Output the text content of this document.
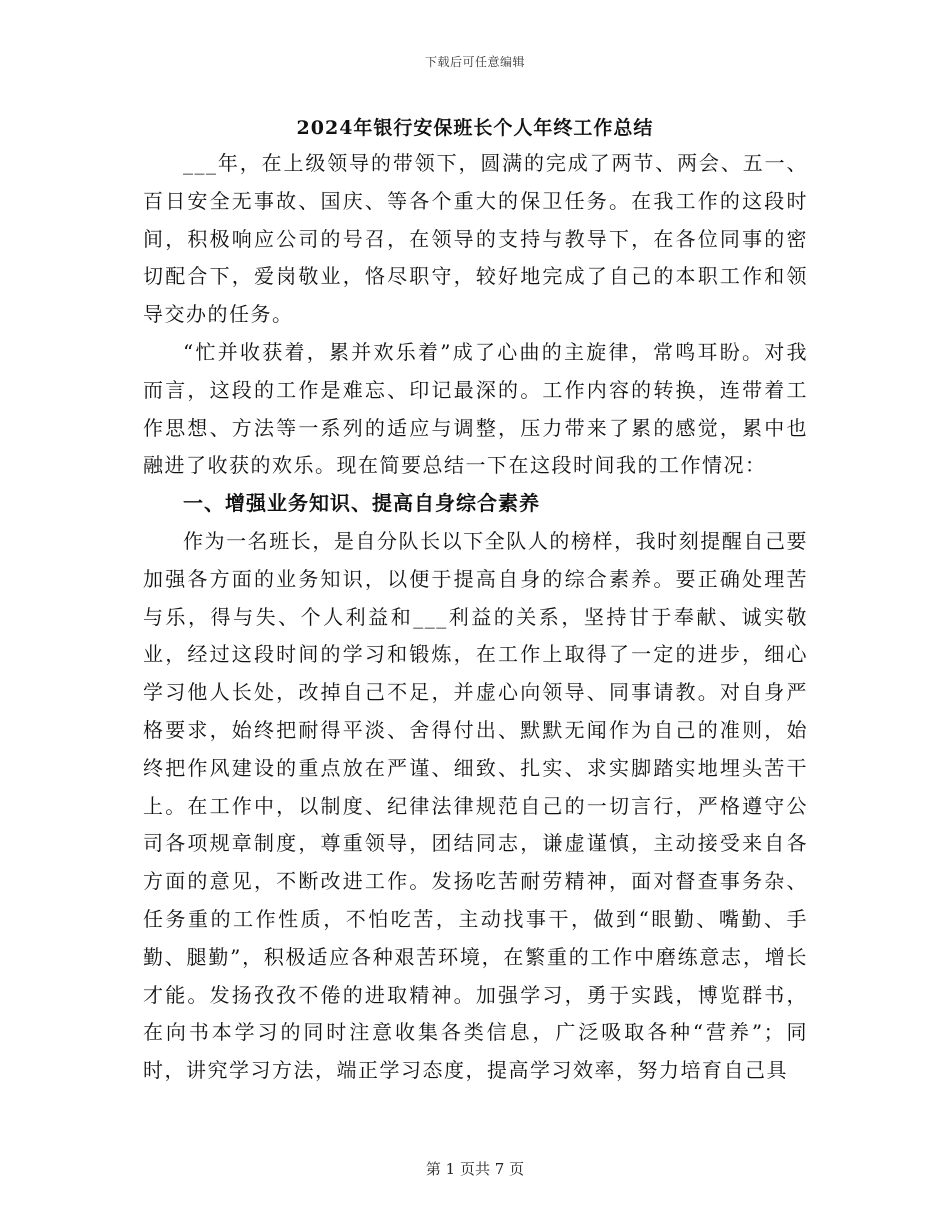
下载后可任意编辑
2024年银行安保班长个人年终工作总结

___年，在上级领导的带领下，圆满的完成了两节、两会、五一、百日安全无事故、国庆、等各个重大的保卫任务。在我工作的这段时间，积极响应公司的号召，在领导的支持与教导下，在各位同事的密切配合下，爱岗敬业，恪尽职守，较好地完成了自己的本职工作和领导交办的任务。

“忙并收获着，累并欢乐着”成了心曲的主旋律，常鸣耳盼。对我而言，这段的工作是难忘、印记最深的。工作内容的转换，连带着工作思想、方法等一系列的适应与调整，压力带来了累的感觉，累中也融进了收获的欢乐。现在简要总结一下在这段时间我的工作情况：

一、增强业务知识、提高自身综合素养

作为一名班长，是自分队长以下全队人的榜样，我时刻提醒自己要加强各方面的业务知识，以便于提高自身的综合素养。要正确处理苦与乐，得与失、个人利益和___利益的关系，坚持甘于奉献、诚实敬业，经过这段时间的学习和锻炼，在工作上取得了一定的进步，细心学习他人长处，改掉自己不足，并虚心向领导、同事请教。对自身严格要求，始终把耐得平淡、舍得付出、默默无闻作为自己的准则，始终把作风建设的重点放在严谨、细致、扎实、求实脚踏实地埋头苦干上。在工作中，以制度、纪律法律规范自己的一切言行，严格遵守公司各项规章制度，尊重领导，团结同志，谦虚谨慎，主动接受来自各方面的意见，不断改进工作。发扬吃苦耐劳精神，面对督查事务杂、任务重的工作性质，不怕吃苦，主动找事干，做到“眼勤、嘴勤、手勤、腿勤”，积极适应各种艰苦环境，在繁重的工作中磨练意志，增长才能。发扬孜孜不倦的进取精神。加强学习，勇于实践，博览群书，在向书本学习的同时注意收集各类信息，广泛吸取各种“营养”；同时，讲究学习方法，端正学习态度，提高学习效率，努力培育自己具

第 1 页共 7 页
